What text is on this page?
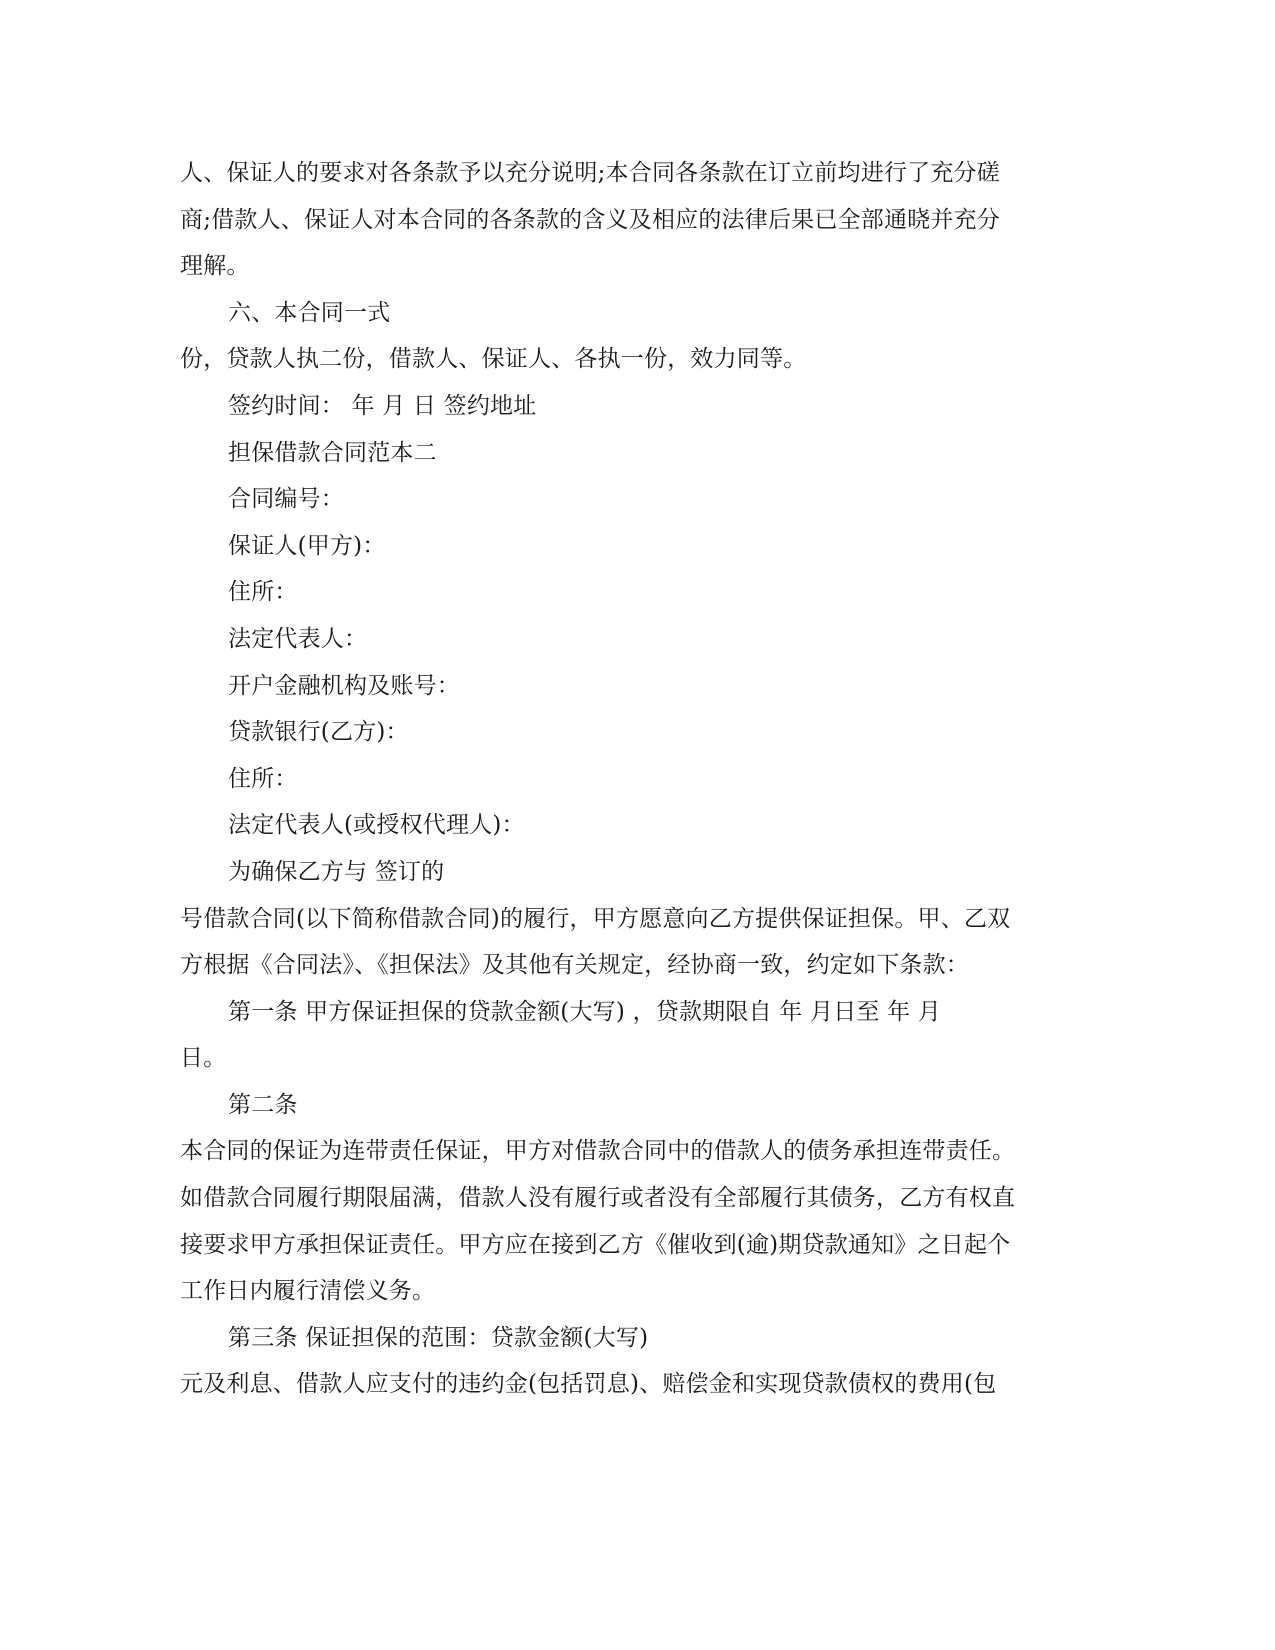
人、保证人的要求对各条款予以充分说明;本合同各条款在订立前均进行了充分磋
商;借款人、保证人对本合同的各条款的含义及相应的法律后果已全部通晓并充分
理解。
六、本合同一式
份，贷款人执二份，借款人、保证人、各执一份，效力同等。
签约时间： 年 月 日 签约地址
担保借款合同范本二
合同编号：
保证人(甲方)：
住所：
法定代表人：
开户金融机构及账号：
贷款银行(乙方)：
住所：
法定代表人(或授权代理人)：
为确保乙方与 签订的
号借款合同(以下简称借款合同)的履行，甲方愿意向乙方提供保证担保。甲、乙双
方根据《合同法》、《担保法》及其他有关规定，经协商一致，约定如下条款：
第一条 甲方保证担保的贷款金额(大写) ，贷款期限自 年 月日至 年 月
日。
第二条
本合同的保证为连带责任保证，甲方对借款合同中的借款人的债务承担连带责任。
如借款合同履行期限届满，借款人没有履行或者没有全部履行其债务，乙方有权直
接要求甲方承担保证责任。甲方应在接到乙方《催收到(逾)期贷款通知》之日起个
工作日内履行清偿义务。
第三条 保证担保的范围：贷款金额(大写)
元及利息、借款人应支付的违约金(包括罚息)、赔偿金和实现贷款债权的费用(包
